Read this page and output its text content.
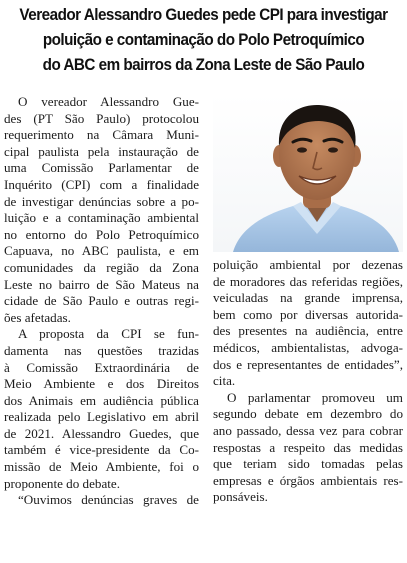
Vereador Alessandro Guedes pede CPI para investigar
poluição e contaminação do Polo Petroquímico
do ABC em bairros da Zona Leste de São Paulo
O vereador Alessandro Gue-
des (PT São Paulo) protocolou
requerimento na Câmara Muni-
cipal paulista pela instauração de
uma Comissão Parlamentar de
Inquérito (CPI) com a finalidade
de investigar denúncias sobre a po-
luição e a contaminação ambiental
no entorno do Polo Petroquímico
Capuava, no ABC paulista, e em
comunidades da região da Zona
Leste no bairro de São Mateus na
cidade de São Paulo e outras regi-
ões afetadas.
A proposta da CPI se fun-
damenta nas questões trazidas
à Comissão Extraordinária de
Meio Ambiente e dos Direitos
dos Animais em audiência pública
realizada pelo Legislativo em abril
de 2021. Alessandro Guedes, que
também é vice-presidente da Co-
missão de Meio Ambiente, foi o
proponente do debate.
“Ouvimos denúncias graves de
poluição ambiental por dezenas
de moradores das referidas regiões,
veiculadas na grande imprensa,
bem como por diversas autorida-
des presentes na audiência, entre
médicos, ambientalistas, advoga-
dos e representantes de entidades”,
cita.
O parlamentar promoveu um
segundo debate em dezembro do
ano passado, dessa vez para cobrar
respostas a respeito das medidas
que teriam sido tomadas pelas
empresas e órgãos ambientais res-
ponsáveis.
